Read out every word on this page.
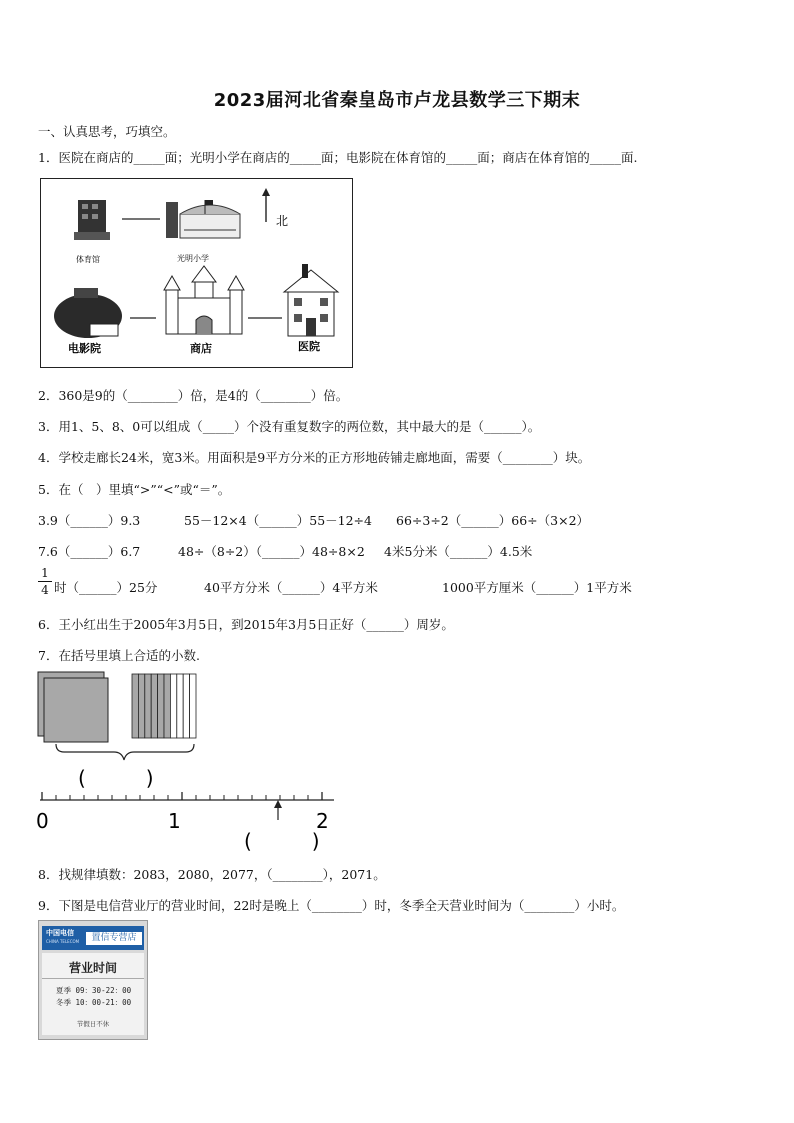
2023届河北省秦皇岛市卢龙县数学三下期末
一、认真思考，巧填空。
1．医院在商店的_____面；光明小学在商店的_____面；电影院在体育馆的_____面；商店在体育馆的_____面.
体育馆	光明小学
北
电影院	商店	医院
2．360是9的（________）倍，是4的（________）倍。
3．用1、5、8、0可以组成（_____）个没有重复数字的两位数，其中最大的是（______）。
4．学校走廊长24米，宽3米。用面积是9平方分米的正方形地砖铺走廊地面，需要（________）块。
5．在（　）里填“>”“<”或“＝”。
3.9（______）9.3	55－12×4（______）55－12÷4 66÷3÷2（______）66÷（3×2）
7.6（______）6.7	48÷（8÷2）（______）48÷8×2 4米5分米（______）4.5米
1
4 时（______）25分	40平方分米（______）4平方米	1000平方厘米（______）1平方米
6．王小红出生于2005年3月5日，到2015年3月5日正好（______）周岁。
7．在括号里填上合适的小数.
(　　　)
0	1	2
(　　　)
8．找规律填数：2083，2080，2077，（________），2071。
9．下图是电信营业厅的营业时间，22时是晚上（________）时，冬季全天营业时间为（________）小时。
中国电信
CHINA TELECOM	置信专营店
营业时间
夏季 09：30-22：00
冬季 10：00-21：00
节假日不休
